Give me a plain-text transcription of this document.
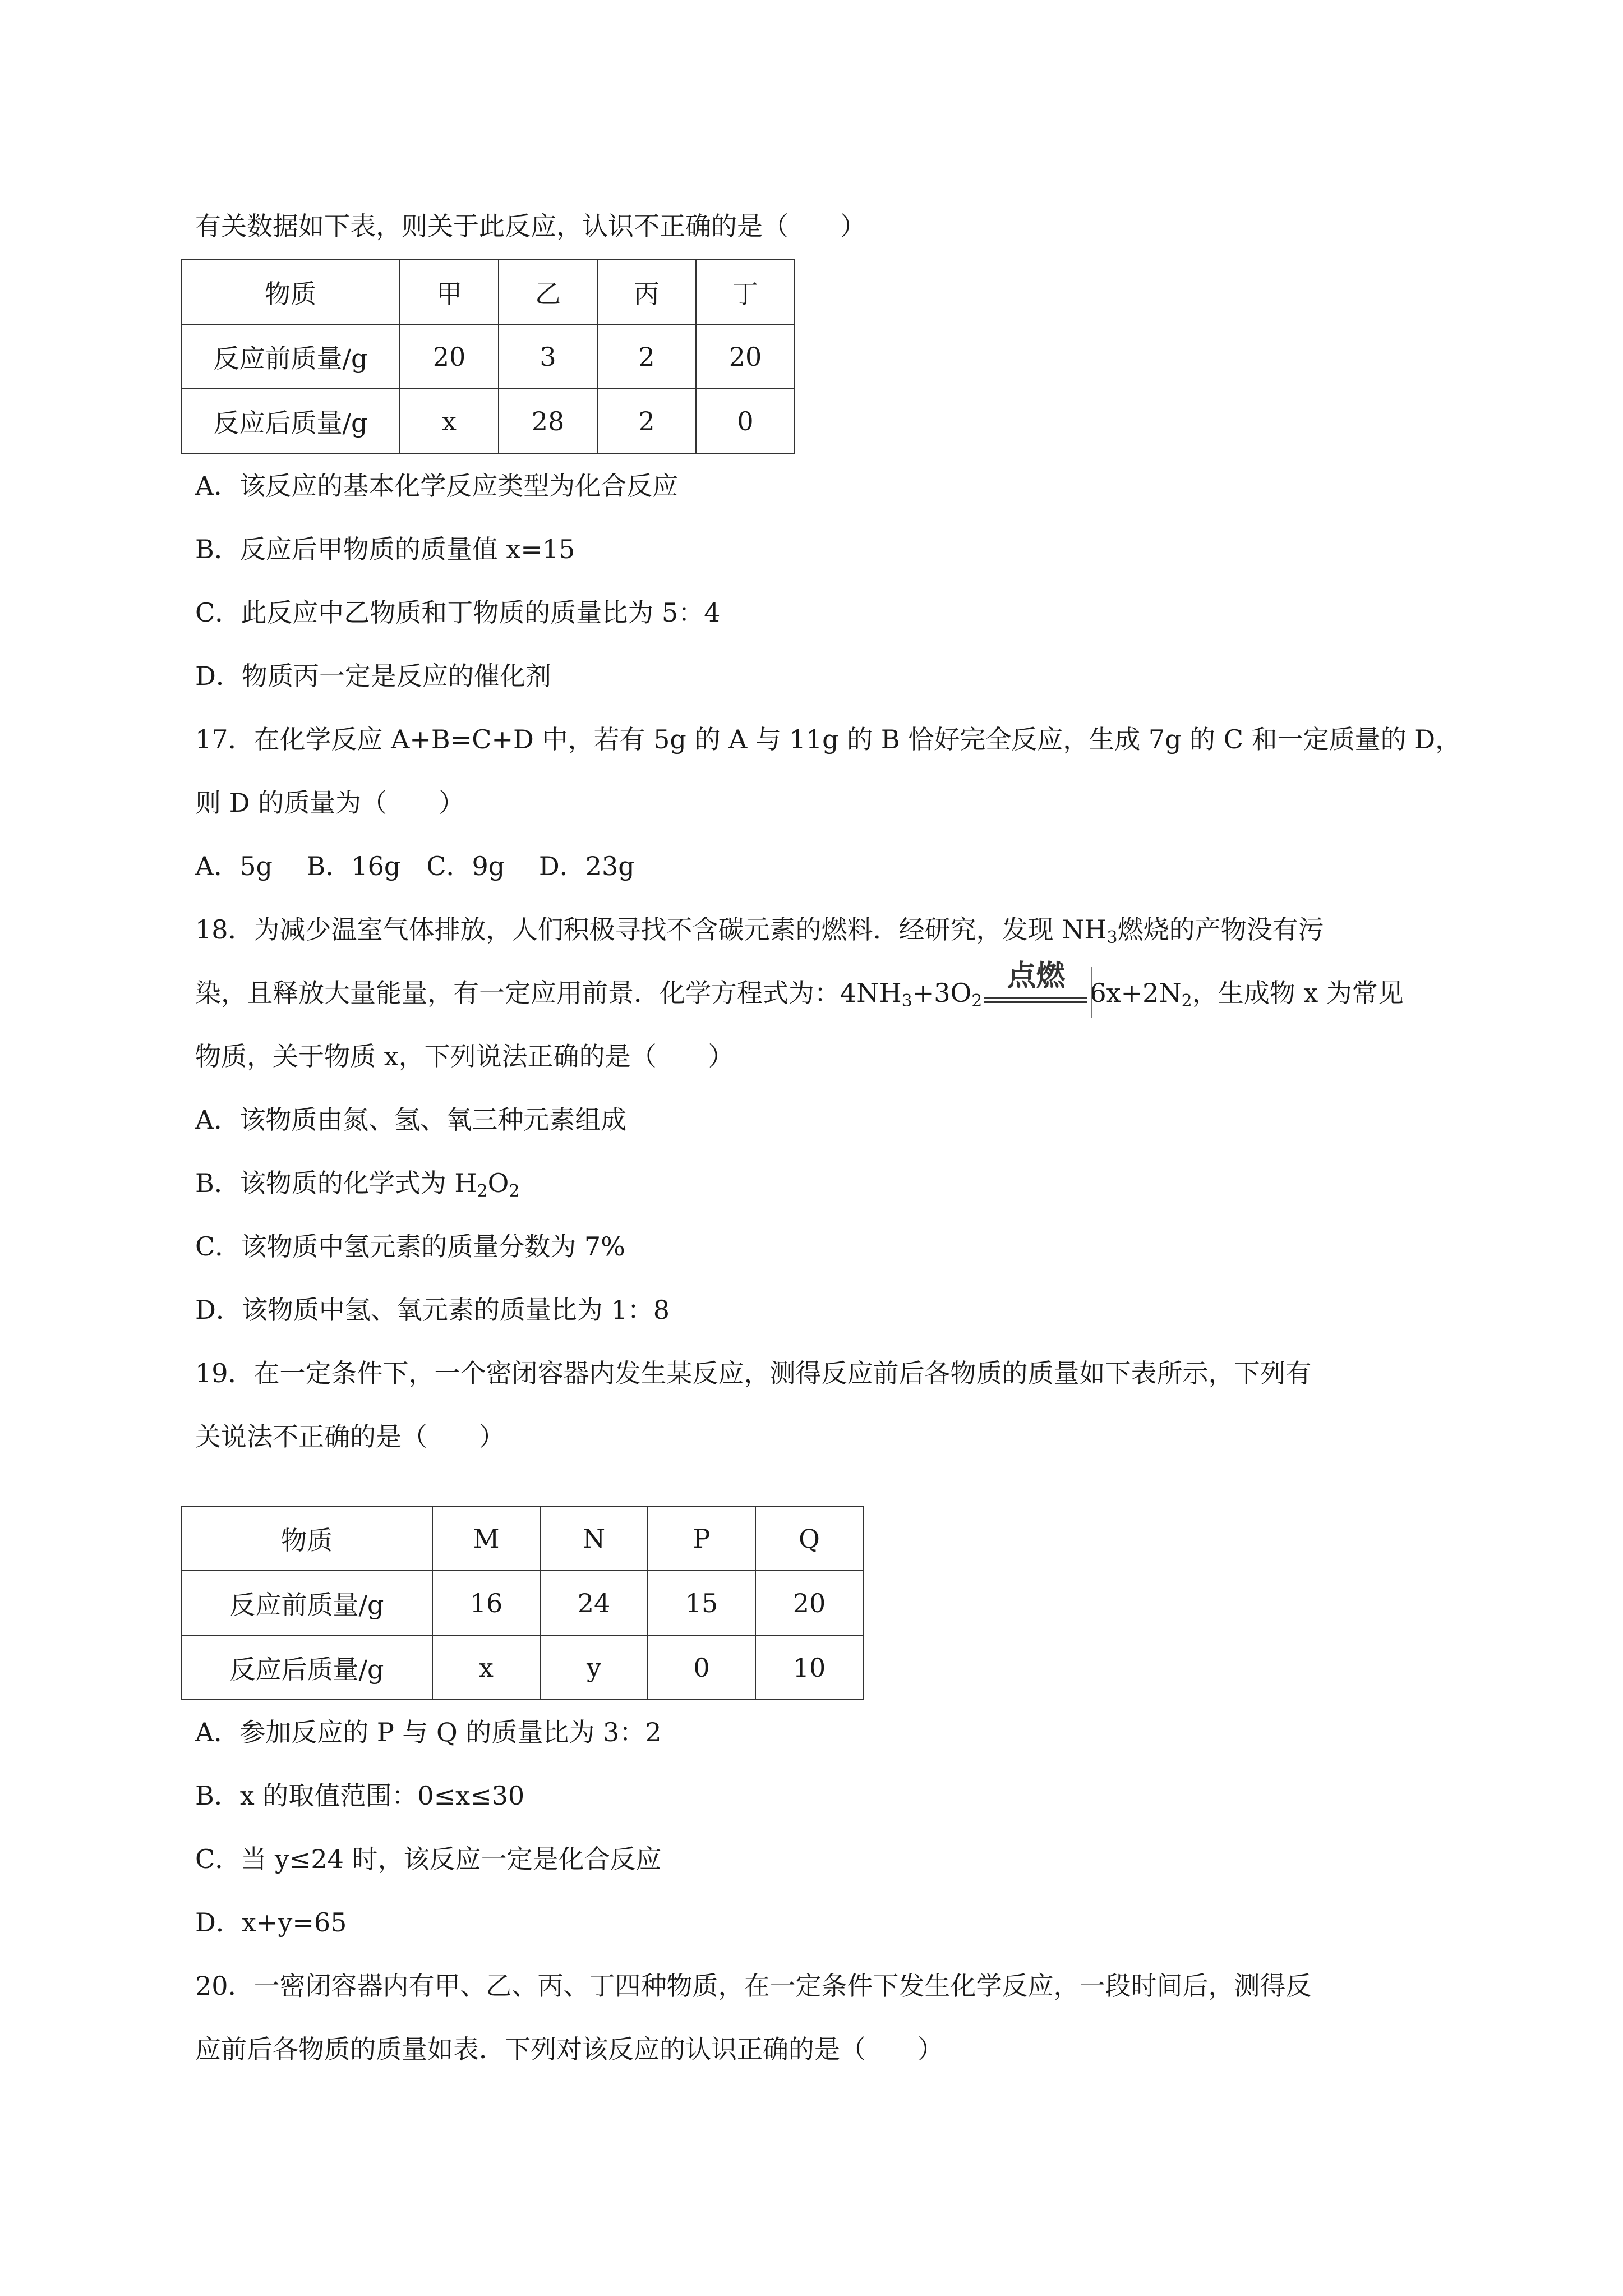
有关数据如下表，则关于此反应，认识不正确的是（　　）

物质	甲	乙	丙	丁
反应前质量/g	20	3	2	20
反应后质量/g	x	28	2	0

A．该反应的基本化学反应类型为化合反应

B．反应后甲物质的质量值 x=15

C．此反应中乙物质和丁物质的质量比为 5：4

D．物质丙一定是反应的催化剂

17．在化学反应 A+B=C+D 中，若有 5g 的 A 与 11g 的 B 恰好完全反应，生成 7g 的 C 和一定质量的 D，

则 D 的质量为（　　）

A．5g　 B．16g　C．9g　 D．23g

18．为减少温室气体排放，人们积极寻找不含碳元素的燃料．经研究，发现 $NH_3$燃烧的产物没有污

染，且释放大量能量，有一定应用前景．化学方程式为：$4NH_3+3O_2$
点燃 $6x+2N_2$，生成物 x 为常见

物质，关于物质 x，下列说法正确的是（　　）

A．该物质由氮、氢、氧三种元素组成

B．该物质的化学式为 $H_2O_2$

C．该物质中氢元素的质量分数为 7%

D．该物质中氢、氧元素的质量比为 1：8

19．在一定条件下，一个密闭容器内发生某反应，测得反应前后各物质的质量如下表所示，下列有

关说法不正确的是（　　）

物质	M	N	P	Q
反应前质量/g	16	24	15	20
反应后质量/g	x	y	0	10

A．参加反应的 P 与 Q 的质量比为 3：2

B．x 的取值范围：0≤x≤30

C．当 y≤24 时，该反应一定是化合反应

D．x+y=65

20．一密闭容器内有甲、乙、丙、丁四种物质，在一定条件下发生化学反应，一段时间后，测得反

应前后各物质的质量如表．下列对该反应的认识正确的是（　　）
